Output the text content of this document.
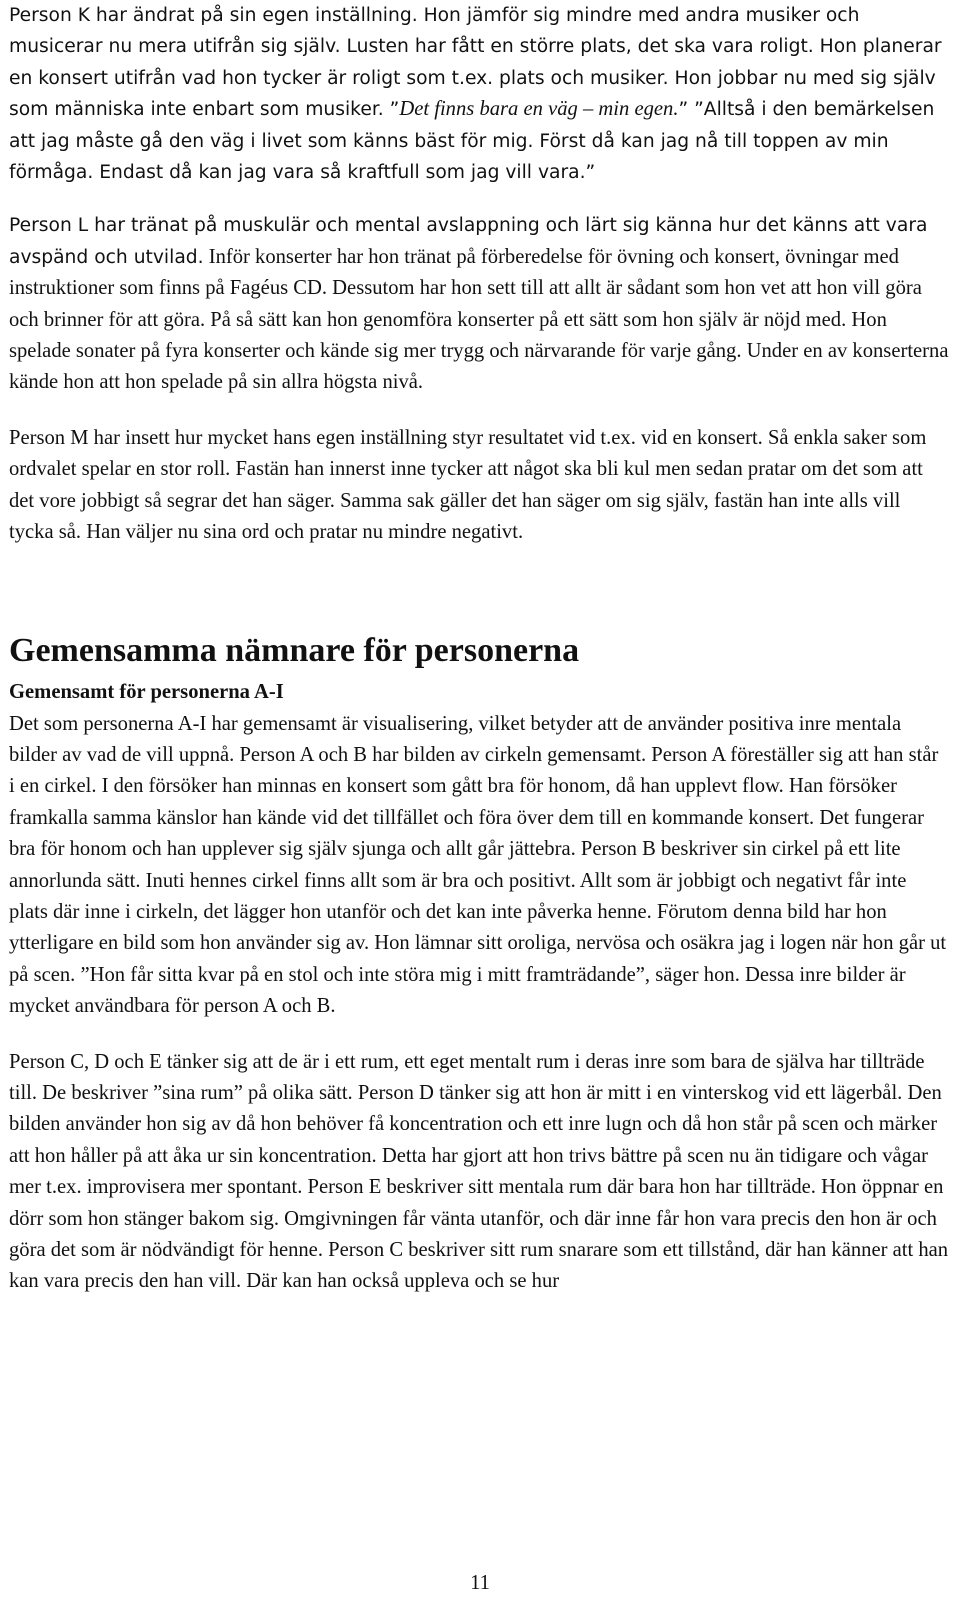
Person K har ändrat på sin egen inställning. Hon jämför sig mindre med andra musiker och musicerar nu mera utifrån sig själv. Lusten har fått en större plats, det ska vara roligt. Hon planerar en konsert utifrån vad hon tycker är roligt som t.ex. plats och musiker. Hon jobbar nu med sig själv som människa inte enbart som musiker. ”Det finns bara en väg – min egen.” ”Alltså i den bemärkelsen att jag måste gå den väg i livet som känns bäst för mig. Först då kan jag nå till toppen av min förmåga. Endast då kan jag vara så kraftfull som jag vill vara.”

Person L har tränat på muskulär och mental avslappning och lärt sig känna hur det känns att vara avspänd och utvilad. Inför konserter har hon tränat på förberedelse för övning och konsert, övningar med instruktioner som finns på Fagéus CD. Dessutom har hon sett till att allt är sådant som hon vet att hon vill göra och brinner för att göra. På så sätt kan hon genomföra konserter på ett sätt som hon själv är nöjd med. Hon spelade sonater på fyra konserter och kände sig mer trygg och närvarande för varje gång. Under en av konserterna kände hon att hon spelade på sin allra högsta nivå.

Person M har insett hur mycket hans egen inställning styr resultatet vid t.ex. vid en konsert. Så enkla saker som ordvalet spelar en stor roll. Fastän han innerst inne tycker att något ska bli kul men sedan pratar om det som att det vore jobbigt så segrar det han säger. Samma sak gäller det han säger om sig själv, fastän han inte alls vill tycka så. Han väljer nu sina ord och pratar nu mindre negativt.

Gemensamma nämnare för personerna
Gemensamt för personerna A-I

Det som personerna A-I har gemensamt är visualisering, vilket betyder att de använder positiva inre mentala bilder av vad de vill uppnå. Person A och B har bilden av cirkeln gemensamt. Person A föreställer sig att han står i en cirkel. I den försöker han minnas en konsert som gått bra för honom, då han upplevt flow. Han försöker framkalla samma känslor han kände vid det tillfället och föra över dem till en kommande konsert. Det fungerar bra för honom och han upplever sig själv sjunga och allt går jättebra. Person B beskriver sin cirkel på ett lite annorlunda sätt. Inuti hennes cirkel finns allt som är bra och positivt. Allt som är jobbigt och negativt får inte plats där inne i cirkeln, det lägger hon utanför och det kan inte påverka henne. Förutom denna bild har hon ytterligare en bild som hon använder sig av. Hon lämnar sitt oroliga, nervösa och osäkra jag i logen när hon går ut på scen. ”Hon får sitta kvar på en stol och inte störa mig i mitt framträdande”, säger hon. Dessa inre bilder är mycket användbara för person A och B.

Person C, D och E tänker sig att de är i ett rum, ett eget mentalt rum i deras inre som bara de själva har tillträde till. De beskriver ”sina rum” på olika sätt. Person D tänker sig att hon är mitt i en vinterskog vid ett lägerbål. Den bilden använder hon sig av då hon behöver få koncentration och ett inre lugn och då hon står på scen och märker att hon håller på att åka ur sin koncentration. Detta har gjort att hon trivs bättre på scen nu än tidigare och vågar mer t.ex. improvisera mer spontant. Person E beskriver sitt mentala rum där bara hon har tillträde. Hon öppnar en dörr som hon stänger bakom sig. Omgivningen får vänta utanför, och där inne får hon vara precis den hon är och göra det som är nödvändigt för henne. Person C beskriver sitt rum snarare som ett tillstånd, där han känner att han kan vara precis den han vill. Där kan han också uppleva och se hur

11
